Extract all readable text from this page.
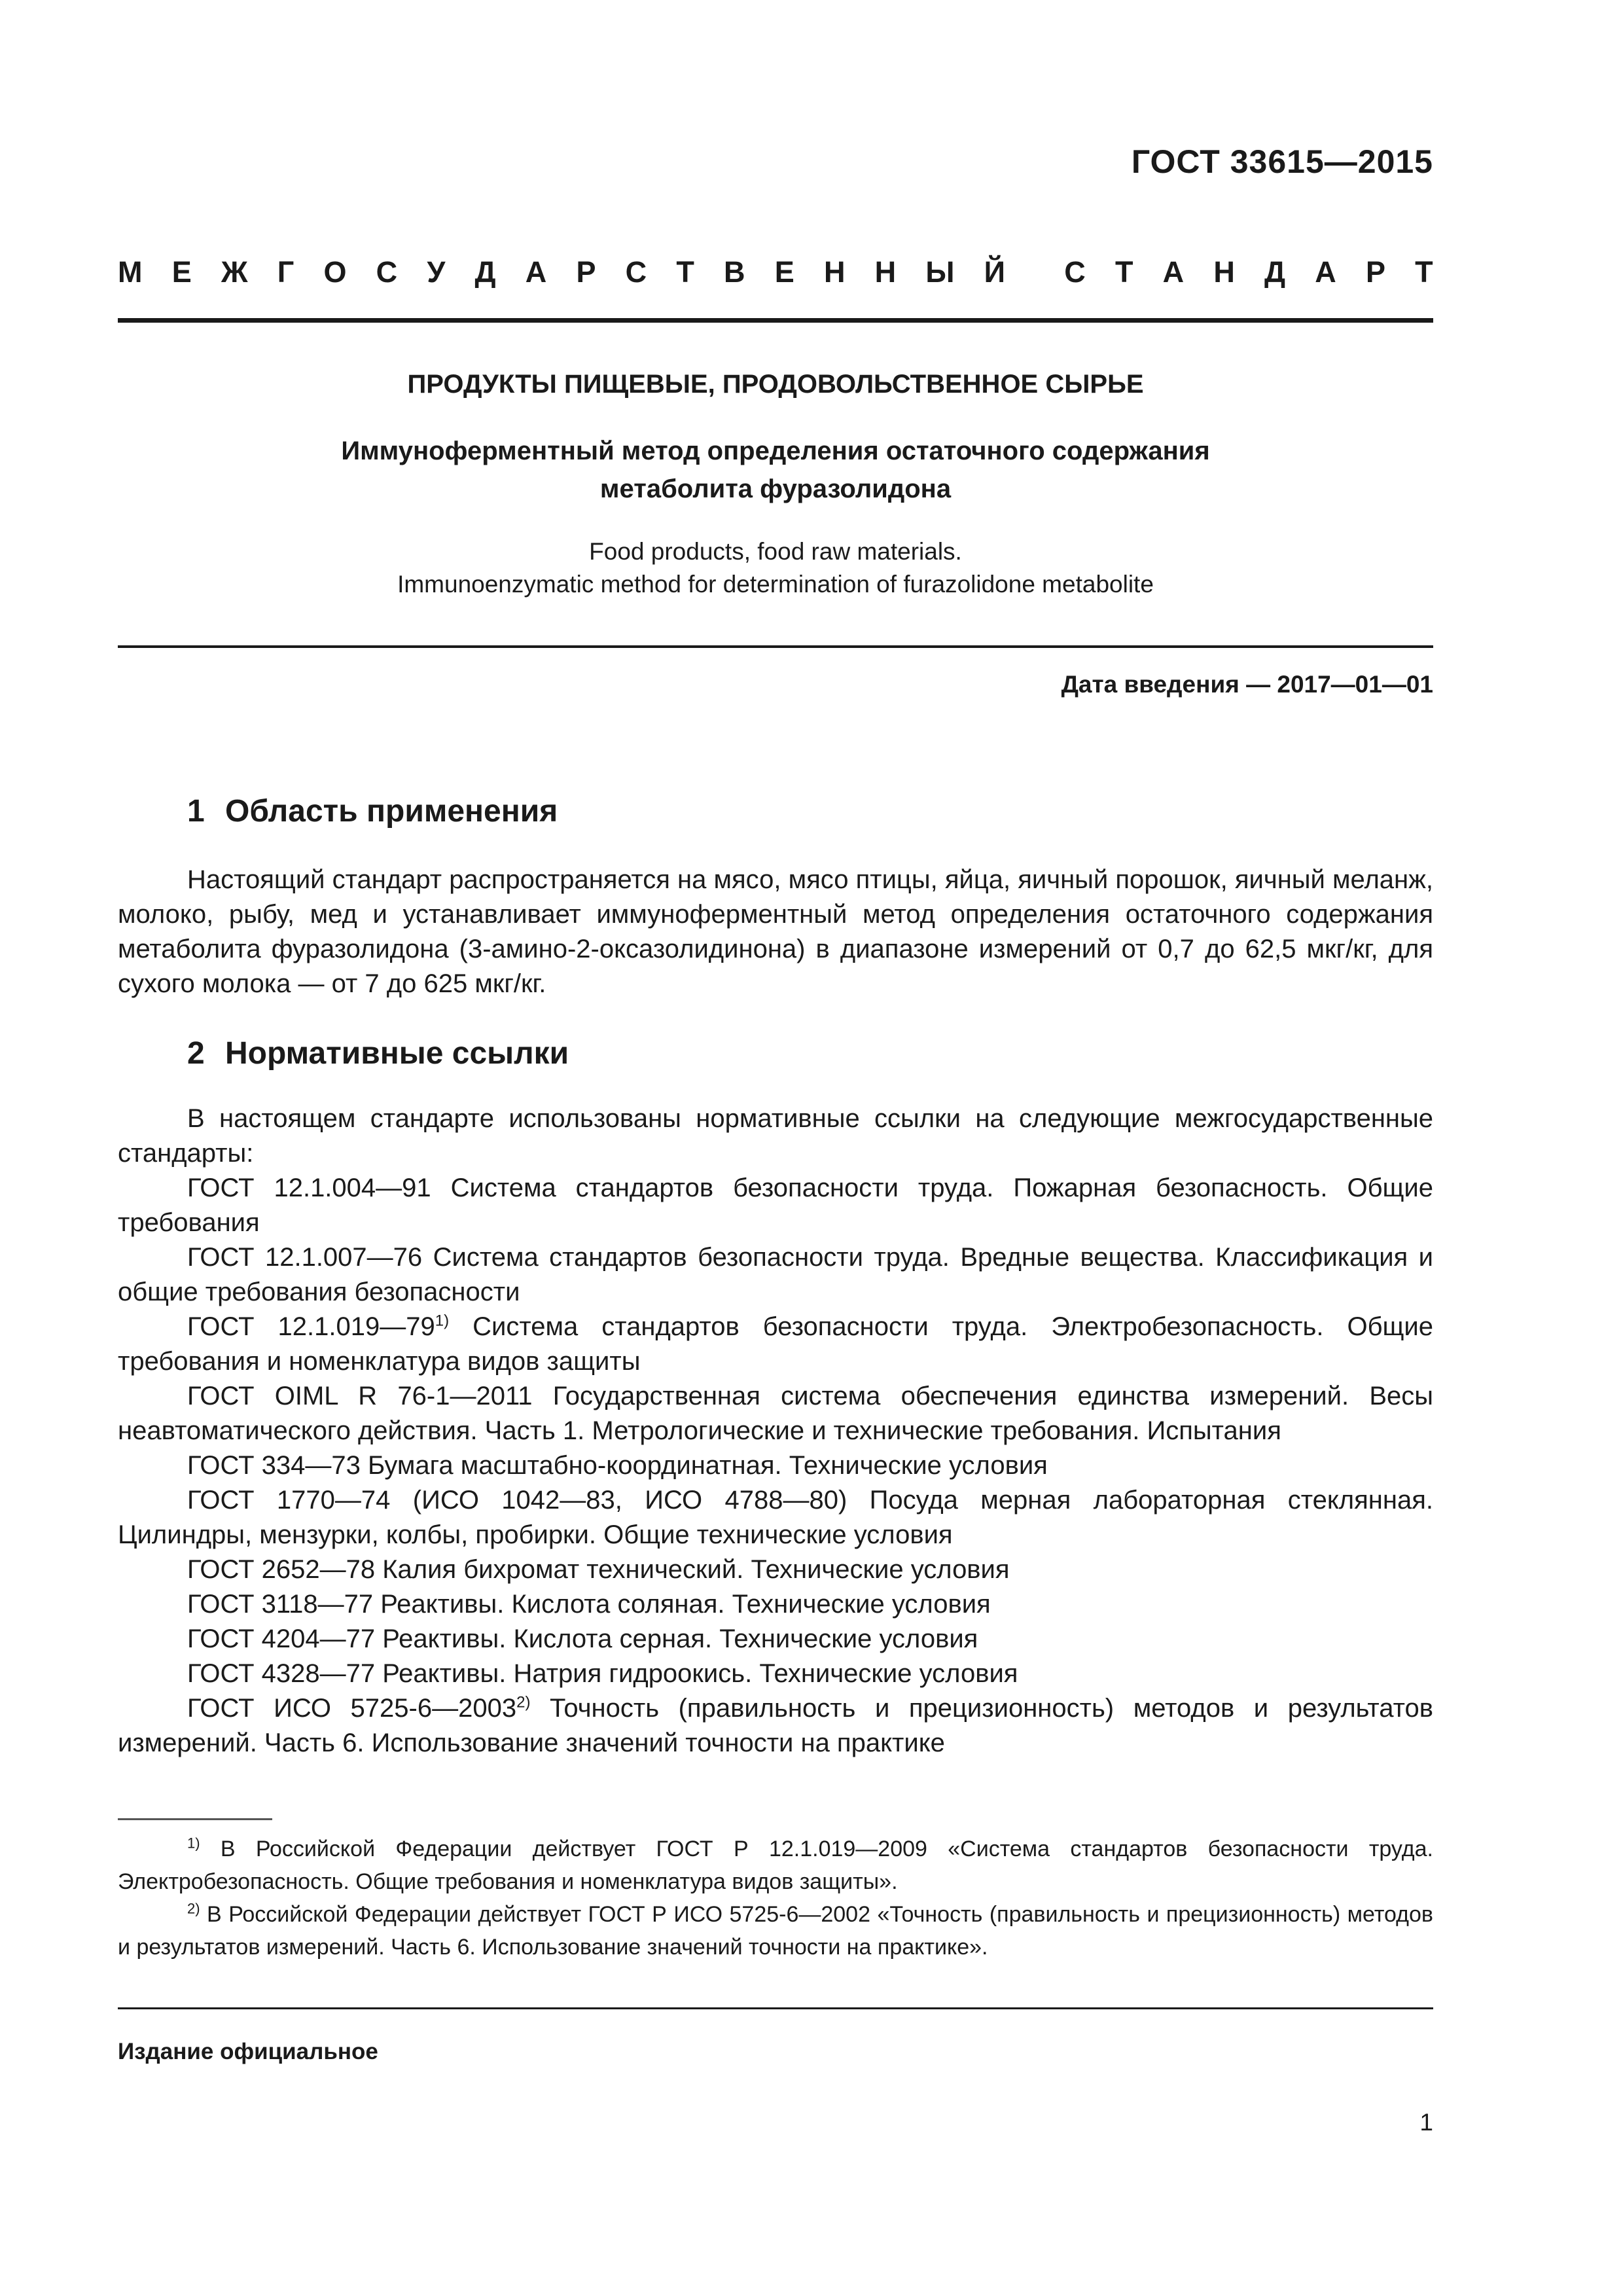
ГОСТ 33615—2015
М Е Ж Г О С У Д А Р С Т В Е Н Н Ы Й С Т А Н Д А Р Т
ПРОДУКТЫ ПИЩЕВЫЕ, ПРОДОВОЛЬСТВЕННОЕ СЫРЬЕ
Иммуноферментный метод определения остаточного содержания
метаболита фуразолидона
Food products, food raw materials.
Immunoenzymatic method for determination of furazolidone metabolite
Дата введения — 2017—01—01
1 Область применения

Настоящий стандарт распространяется на мясо, мясо птицы, яйца, яичный порошок, яичный меланж, молоко, рыбу, мед и устанавливает иммуноферментный метод определения остаточного содержания метаболита фуразолидона (3-амино-2-оксазолидинона) в диапазоне измерений от 0,7 до 62,5 мкг/кг, для сухого молока — от 7 до 625 мкг/кг.

2 Нормативные ссылки

В настоящем стандарте использованы нормативные ссылки на следующие межгосударственные стандарты:

ГОСТ 12.1.004—91 Система стандартов безопасности труда. Пожарная безопасность. Общие требования

ГОСТ 12.1.007—76 Система стандартов безопасности труда. Вредные вещества. Классификация и общие требования безопасности

ГОСТ 12.1.019—79$^{1)}$ Система стандартов безопасности труда. Электробезопасность. Общие требования и номенклатура видов защиты

ГОСТ OIML R 76-1—2011 Государственная система обеспечения единства измерений. Весы неавтоматического действия. Часть 1. Метрологические и технические требования. Испытания

ГОСТ 334—73 Бумага масштабно-координатная. Технические условия

ГОСТ 1770—74 (ИСО 1042—83, ИСО 4788—80) Посуда мерная лабораторная стеклянная. Цилиндры, мензурки, колбы, пробирки. Общие технические условия

ГОСТ 2652—78 Калия бихромат технический. Технические условия

ГОСТ 3118—77 Реактивы. Кислота соляная. Технические условия

ГОСТ 4204—77 Реактивы. Кислота серная. Технические условия

ГОСТ 4328—77 Реактивы. Натрия гидроокись. Технические условия

ГОСТ ИСО 5725-6—2003$^{2)}$ Точность (правильность и прецизионность) методов и результатов измерений. Часть 6. Использование значений точности на практике

$^{1)}$ В Российской Федерации действует ГОСТ Р 12.1.019—2009 «Система стандартов безопасности труда. Электробезопасность. Общие требования и номенклатура видов защиты».

$^{2)}$ В Российской Федерации действует ГОСТ Р ИСО 5725-6—2002 «Точность (правильность и прецизионность) методов и результатов измерений. Часть 6. Использование значений точности на практике».

Издание официальное
1
